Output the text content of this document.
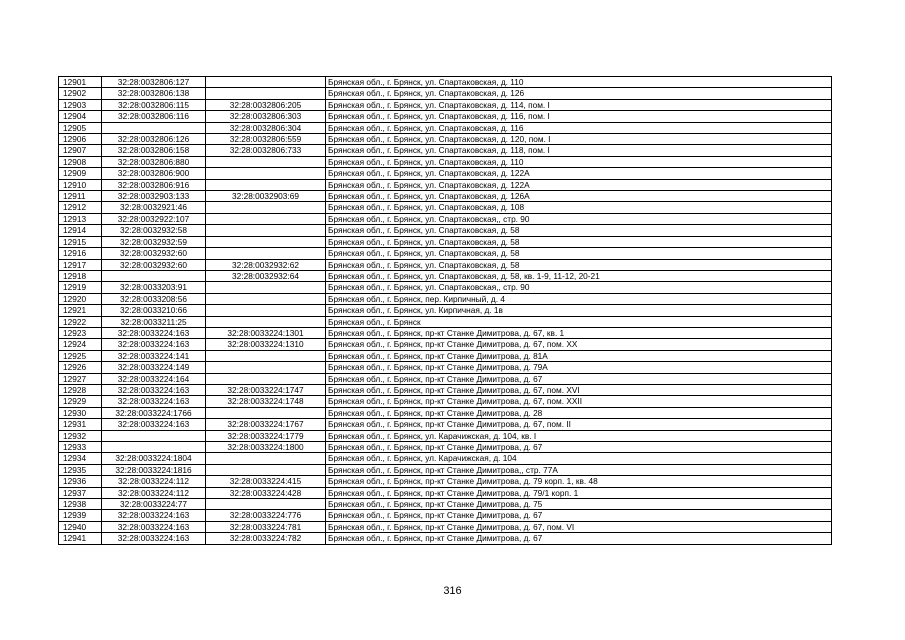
12901	32:28:0032806:127		Брянская обл., г. Брянск, ул. Спартаковская, д. 110
12902	32:28:0032806:138		Брянская обл., г. Брянск, ул. Спартаковская, д. 126
12903	32:28:0032806:115	32:28:0032806:205	Брянская обл., г. Брянск, ул. Спартаковская, д. 114, пом. I
12904	32:28:0032806:116	32:28:0032806:303	Брянская обл., г. Брянск, ул. Спартаковская, д. 116, пом. I
12905		32:28:0032806:304	Брянская обл., г. Брянск, ул. Спартаковская, д. 116
12906	32:28:0032806:126	32:28:0032806:559	Брянская обл., г. Брянск, ул. Спартаковская, д. 120, пом. I
12907	32:28:0032806:158	32:28:0032806:733	Брянская обл., г. Брянск, ул. Спартаковская, д. 118, пом. I
12908	32:28:0032806:880		Брянская обл., г. Брянск, ул. Спартаковская, д. 110
12909	32:28:0032806:900		Брянская обл., г. Брянск, ул. Спартаковская, д. 122А
12910	32:28:0032806:916		Брянская обл., г. Брянск, ул. Спартаковская, д. 122А
12911	32:28:0032903:133	32:28:0032903:69	Брянская обл., г. Брянск, ул. Спартаковская, д. 126А
12912	32:28:0032921:46		Брянская обл., г. Брянск, ул. Спартаковская, д. 108
12913	32:28:0032922:107		Брянская обл., г. Брянск, ул. Спартаковская,, стр. 90
12914	32:28:0032932:58		Брянская обл., г. Брянск, ул. Спартаковская, д. 58
12915	32:28:0032932:59		Брянская обл., г. Брянск, ул. Спартаковская, д. 58
12916	32:28:0032932:60		Брянская обл., г. Брянск, ул. Спартаковская, д. 58
12917	32:28:0032932:60	32:28:0032932:62	Брянская обл., г. Брянск, ул. Спартаковская, д. 58
12918		32:28:0032932:64	Брянская обл., г. Брянск, ул. Спартаковская, д. 58, кв. 1-9, 11-12, 20-21
12919	32:28:0033203:91		Брянская обл., г. Брянск, ул. Спартаковская,, стр. 90
12920	32:28:0033208:56		Брянская обл., г. Брянск, пер. Кирпичный, д. 4
12921	32:28:0033210:66		Брянская обл., г. Брянск, ул. Кирпичная, д. 1в
12922	32:28:0033211:25		Брянская обл., г. Брянск
12923	32:28:0033224:163	32:28:0033224:1301	Брянская обл., г. Брянск, пр-кт Станке Димитрова, д. 67, кв. 1
12924	32:28:0033224:163	32:28:0033224:1310	Брянская обл., г. Брянск, пр-кт Станке Димитрова, д. 67, пом. XX
12925	32:28:0033224:141		Брянская обл., г. Брянск, пр-кт Станке Димитрова, д. 81А
12926	32:28:0033224:149		Брянская обл., г. Брянск, пр-кт Станке Димитрова, д. 79А
12927	32:28:0033224:164		Брянская обл., г. Брянск, пр-кт Станке Димитрова, д. 67
12928	32:28:0033224:163	32:28:0033224:1747	Брянская обл., г. Брянск, пр-кт Станке Димитрова, д. 67, пом. XVI
12929	32:28:0033224:163	32:28:0033224:1748	Брянская обл., г. Брянск, пр-кт Станке Димитрова, д. 67, пом. XXII
12930	32:28:0033224:1766		Брянская обл., г. Брянск, пр-кт Станке Димитрова, д. 28
12931	32:28:0033224:163	32:28:0033224:1767	Брянская обл., г. Брянск, пр-кт Станке Димитрова, д. 67, пом. II
12932		32:28:0033224:1779	Брянская обл., г. Брянск, ул. Карачижская, д. 104, кв. I
12933		32:28:0033224:1800	Брянская обл., г. Брянск, пр-кт Станке Димитрова, д. 67
12934	32:28:0033224:1804		Брянская обл., г. Брянск, ул. Карачижская, д. 104
12935	32:28:0033224:1816		Брянская обл., г. Брянск, пр-кт Станке Димитрова,, стр. 77А
12936	32:28:0033224:112	32:28:0033224:415	Брянская обл., г. Брянск, пр-кт Станке Димитрова, д. 79 корп. 1, кв. 48
12937	32:28:0033224:112	32:28:0033224:428	Брянская обл., г. Брянск, пр-кт Станке Димитрова, д. 79/1 корп. 1
12938	32:28:0033224:77		Брянская обл., г. Брянск, пр-кт Станке Димитрова, д. 75
12939	32:28:0033224:163	32:28:0033224:776	Брянская обл., г. Брянск, пр-кт Станке Димитрова, д. 67
12940	32:28:0033224:163	32:28:0033224:781	Брянская обл., г. Брянск, пр-кт Станке Димитрова, д. 67, пом. VI
12941	32:28:0033224:163	32:28:0033224:782	Брянская обл., г. Брянск, пр-кт Станке Димитрова, д. 67
316
